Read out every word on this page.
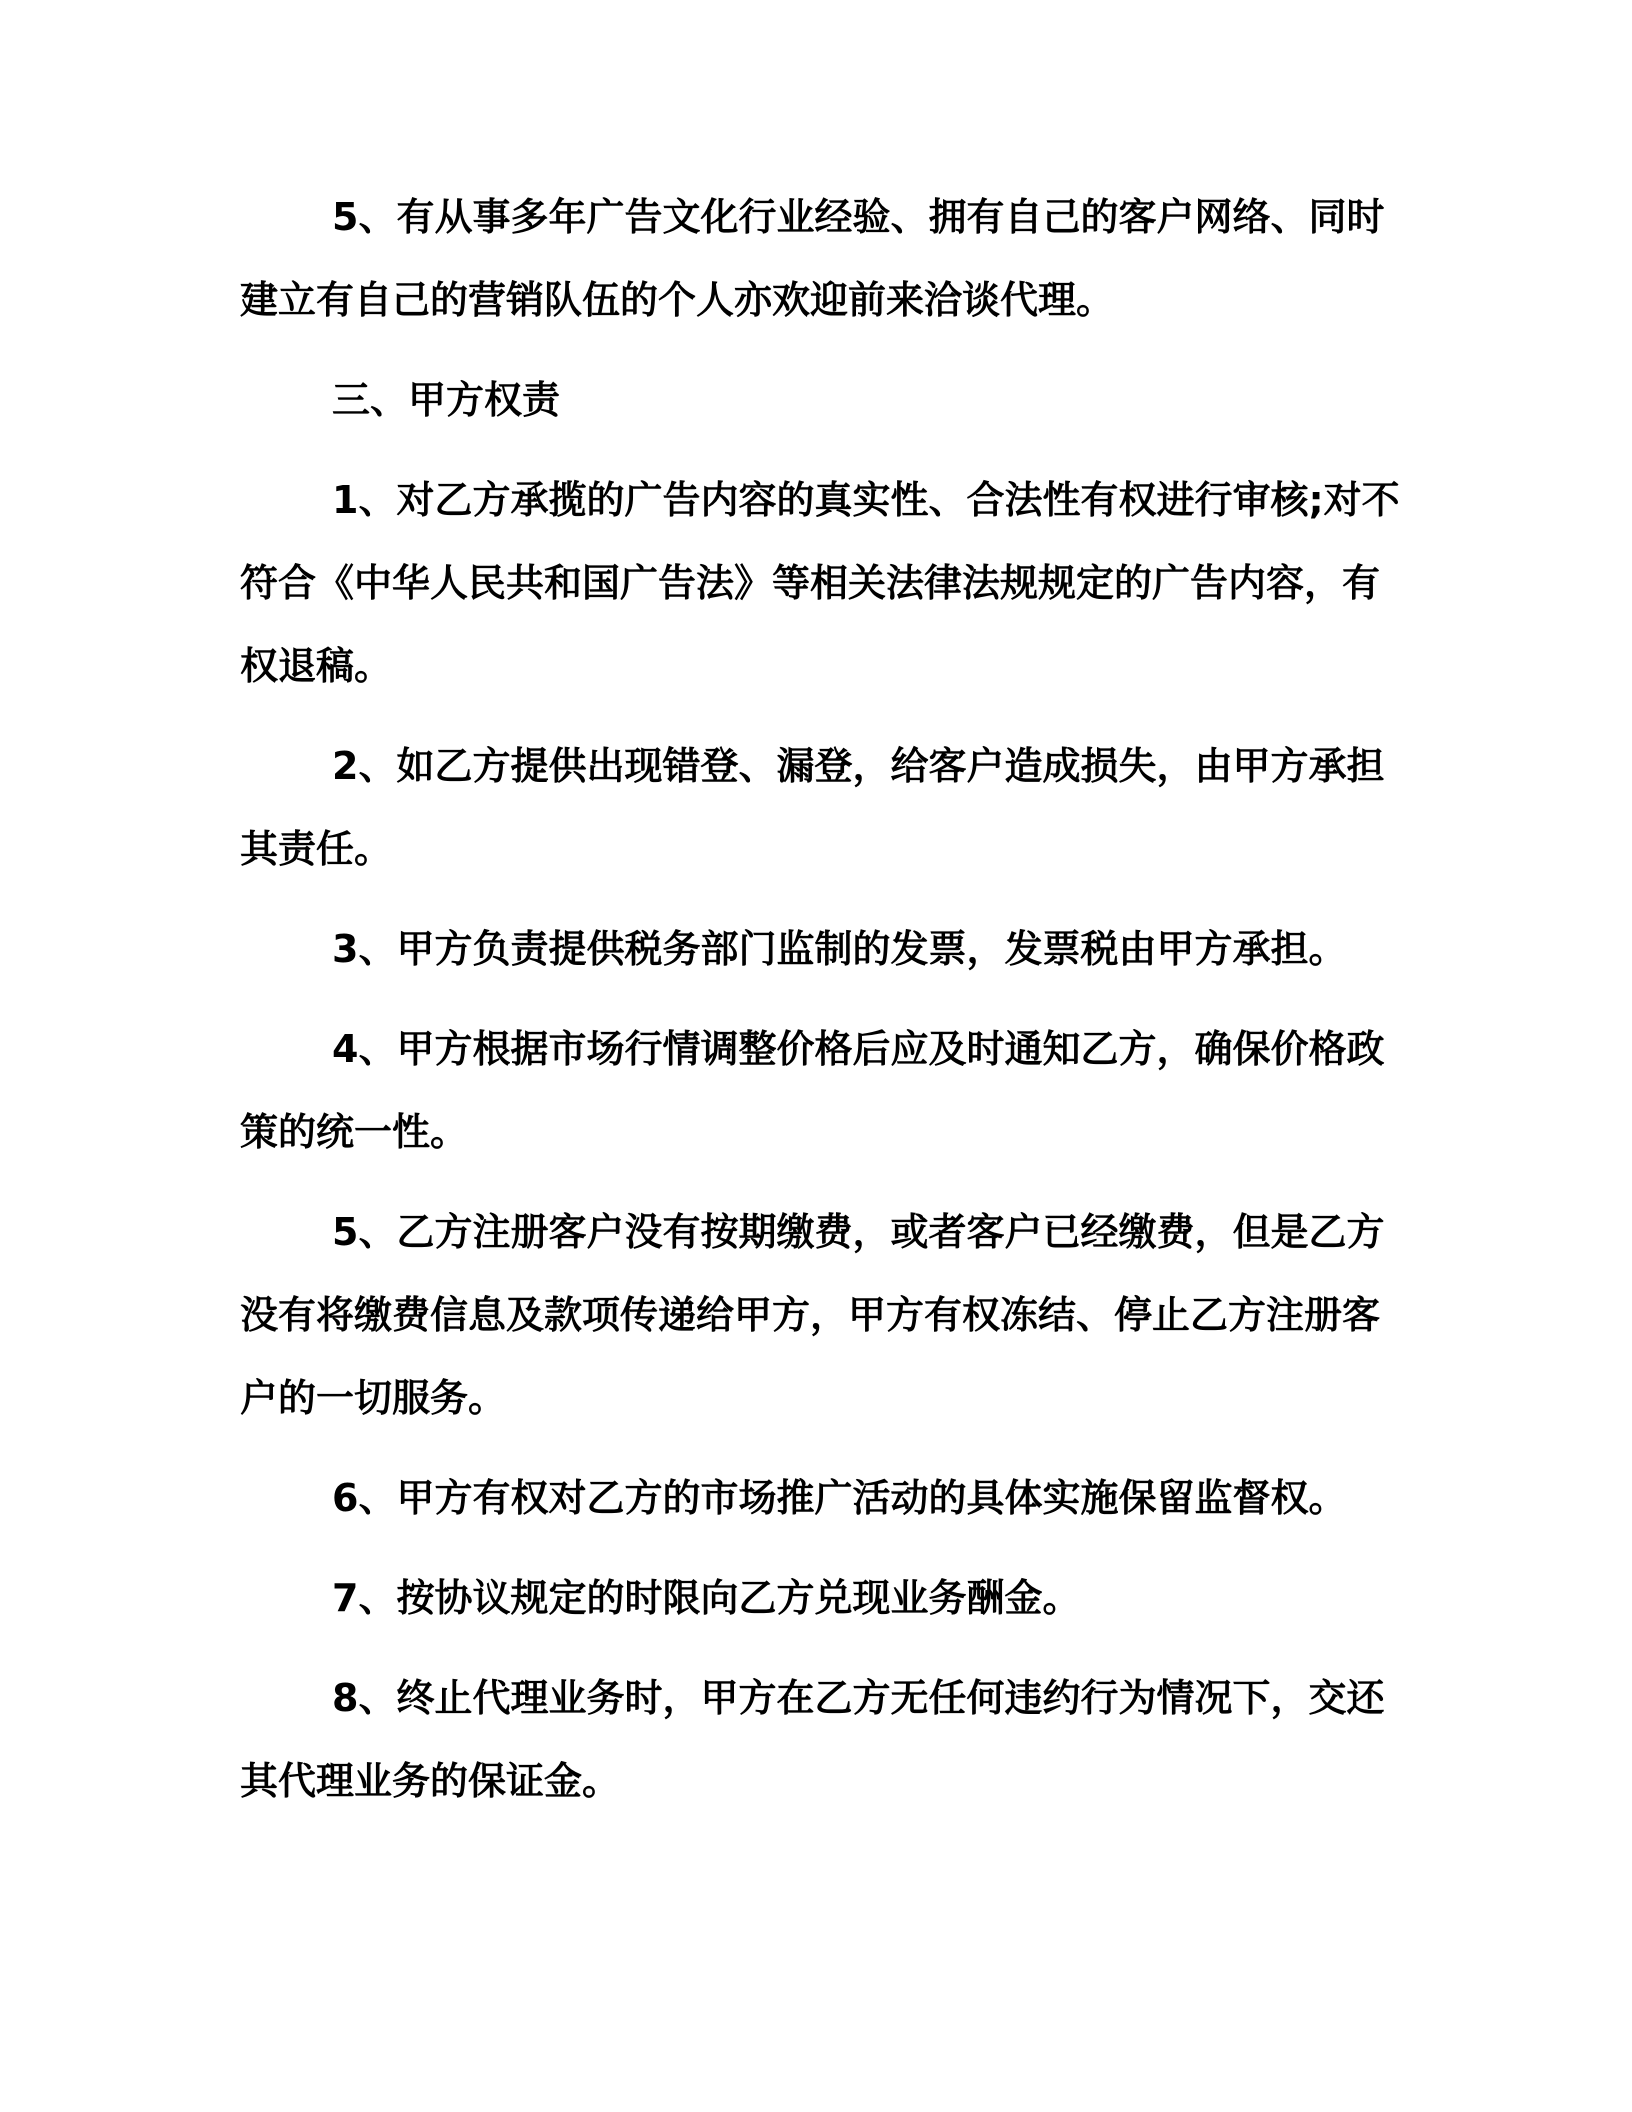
5、有从事多年广告文化行业经验、拥有自己的客户网络、同时
建立有自己的营销队伍的个人亦欢迎前来洽谈代理。
三、甲方权责
1、对乙方承揽的广告内容的真实性、合法性有权进行审核;对不
符合《中华人民共和国广告法》等相关法律法规规定的广告内容，有
权退稿。
2、如乙方提供出现错登、漏登，给客户造成损失，由甲方承担
其责任。
3、甲方负责提供税务部门监制的发票，发票税由甲方承担。
4、甲方根据市场行情调整价格后应及时通知乙方，确保价格政
策的统一性。
5、乙方注册客户没有按期缴费，或者客户已经缴费，但是乙方
没有将缴费信息及款项传递给甲方，甲方有权冻结、停止乙方注册客
户的一切服务。
6、甲方有权对乙方的市场推广活动的具体实施保留监督权。
7、按协议规定的时限向乙方兑现业务酬金。
8、终止代理业务时，甲方在乙方无任何违约行为情况下，交还
其代理业务的保证金。
